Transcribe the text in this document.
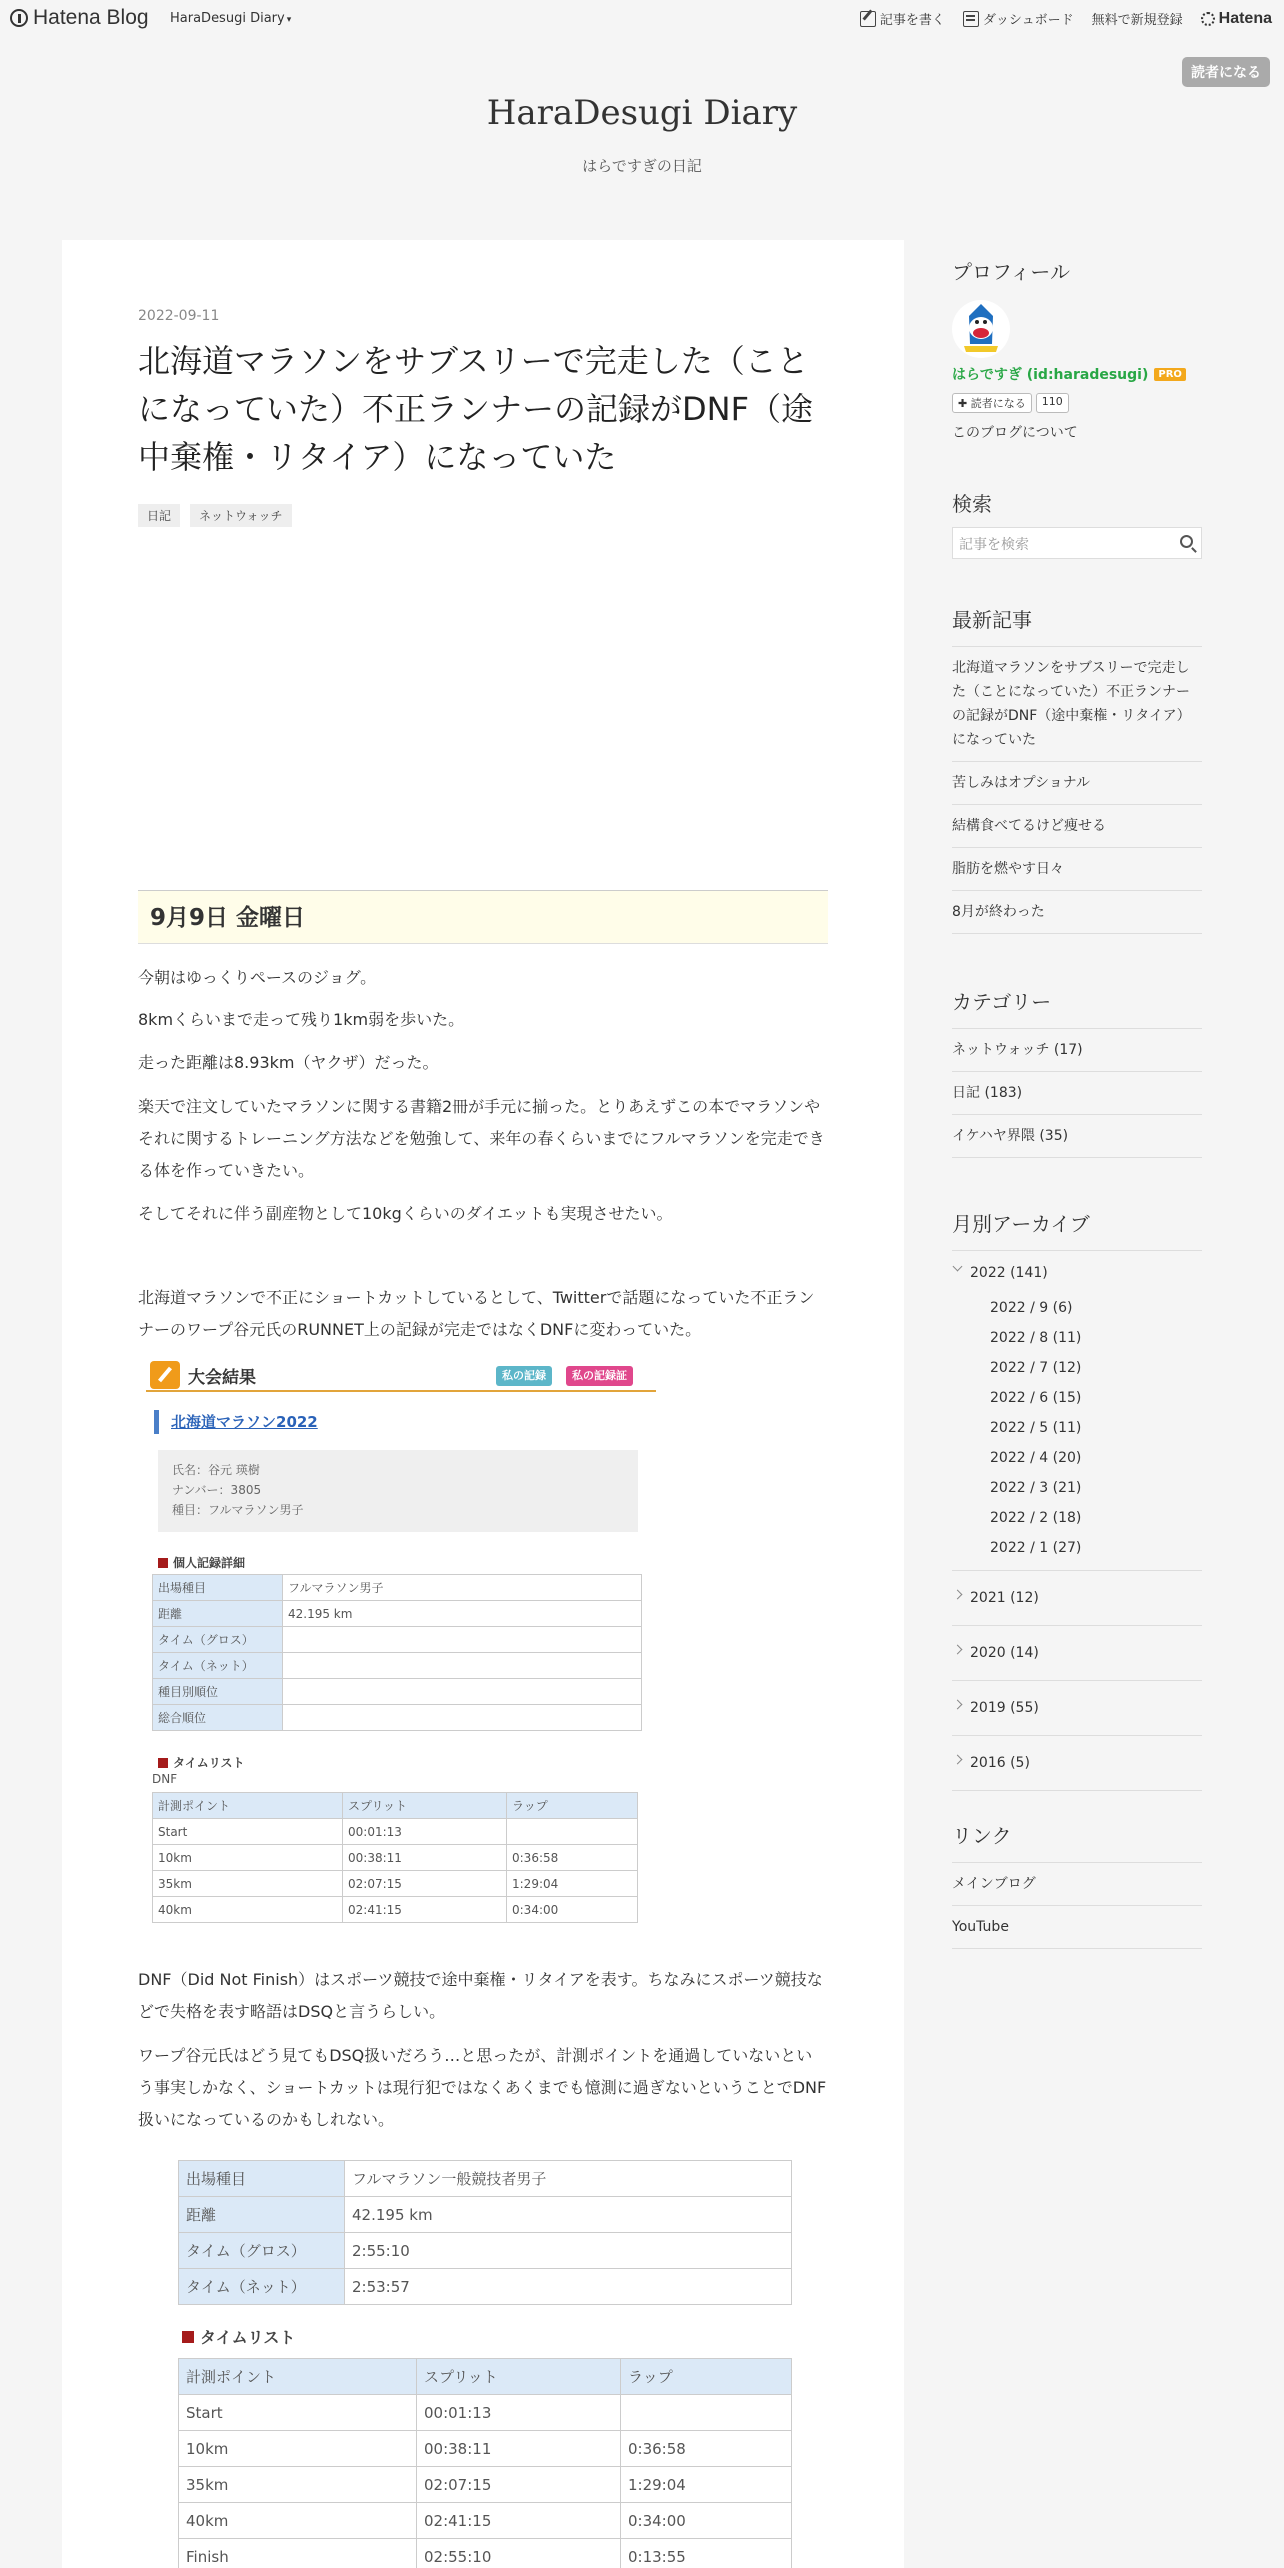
Hatena Blog HaraDesugi Diary ▾	記事を書く	ダッシュボード 無料で新規登録 Hatena
読者になる
HaraDesugi Diary
はらですぎの日記
2022-09-11
北海道マラソンをサブスリーで完走した（ことになっていた）不正ランナーの記録がDNF（途中棄権・リタイア）になっていた
日記	ネットウォッチ
9月9日 金曜日

今朝はゆっくりペースのジョグ。

8kmくらいまで走って残り1km弱を歩いた。

走った距離は8.93km（ヤクザ）だった。

楽天で注文していたマラソンに関する書籍2冊が手元に揃った。とりあえずこの本でマラソンやそれに関するトレーニング方法などを勉強して、来年の春くらいまでにフルマラソンを完走できる体を作っていきたい。

そしてそれに伴う副産物として10kgくらいのダイエットも実現させたい。

北海道マラソンで不正にショートカットしているとして、Twitterで話題になっていた不正ランナーのワープ谷元氏のRUNNET上の記録が完走ではなくDNFに変わっていた。

大会結果	私の記録	私の記録証
北海道マラソン2022
氏名：谷元 瑛樹
ナンバー：3805
種目：フルマラソン男子
個人記録詳細
出場種目	フルマラソン男子
距離	42.195 km
タイム（グロス）	
タイム（ネット）	
種目別順位	
総合順位	
タイムリスト
DNF
計測ポイント	スプリット	ラップ
Start	00:01:13	
10km	00:38:11	0:36:58
35km	02:07:15	1:29:04
40km	02:41:15	0:34:00

DNF（Did Not Finish）はスポーツ競技で途中棄権・リタイアを表す。ちなみにスポーツ競技などで失格を表す略語はDSQと言うらしい。

ワープ谷元氏はどう見てもDSQ扱いだろう…と思ったが、計測ポイントを通過していないという事実しかなく、ショートカットは現行犯ではなくあくまでも憶測に過ぎないということでDNF扱いになっているのかもしれない。

出場種目	フルマラソン一般競技者男子
距離	42.195 km
タイム（グロス）	2:55:10
タイム（ネット）	2:53:57
タイムリスト
計測ポイント	スプリット	ラップ
Start	00:01:13	
10km	00:38:11	0:36:58
35km	02:07:15	1:29:04
40km	02:41:15	0:34:00
Finish	02:55:10	0:13:55
プロフィール
はらですぎ (id:haradesugi)	PRO
✚ 読者になる	110
このブログについて
検索
記事を検索
最新記事
北海道マラソンをサブスリーで完走した（ことになっていた）不正ランナーの記録がDNF（途中棄権・リタイア）になっていた
苦しみはオプショナル
結構食べてるけど痩せる
脂肪を燃やす日々
8月が終わった
カテゴリー
ネットウォッチ (17)
日記 (183)
イケハヤ界隈 (35)
月別アーカイブ
2022 (141)
2022 / 9 (6)
2022 / 8 (11)
2022 / 7 (12)
2022 / 6 (15)
2022 / 5 (11)
2022 / 4 (20)
2022 / 3 (21)
2022 / 2 (18)
2022 / 1 (27)
2021 (12)
2020 (14)
2019 (55)
2016 (5)
リンク
メインブログ
YouTube
